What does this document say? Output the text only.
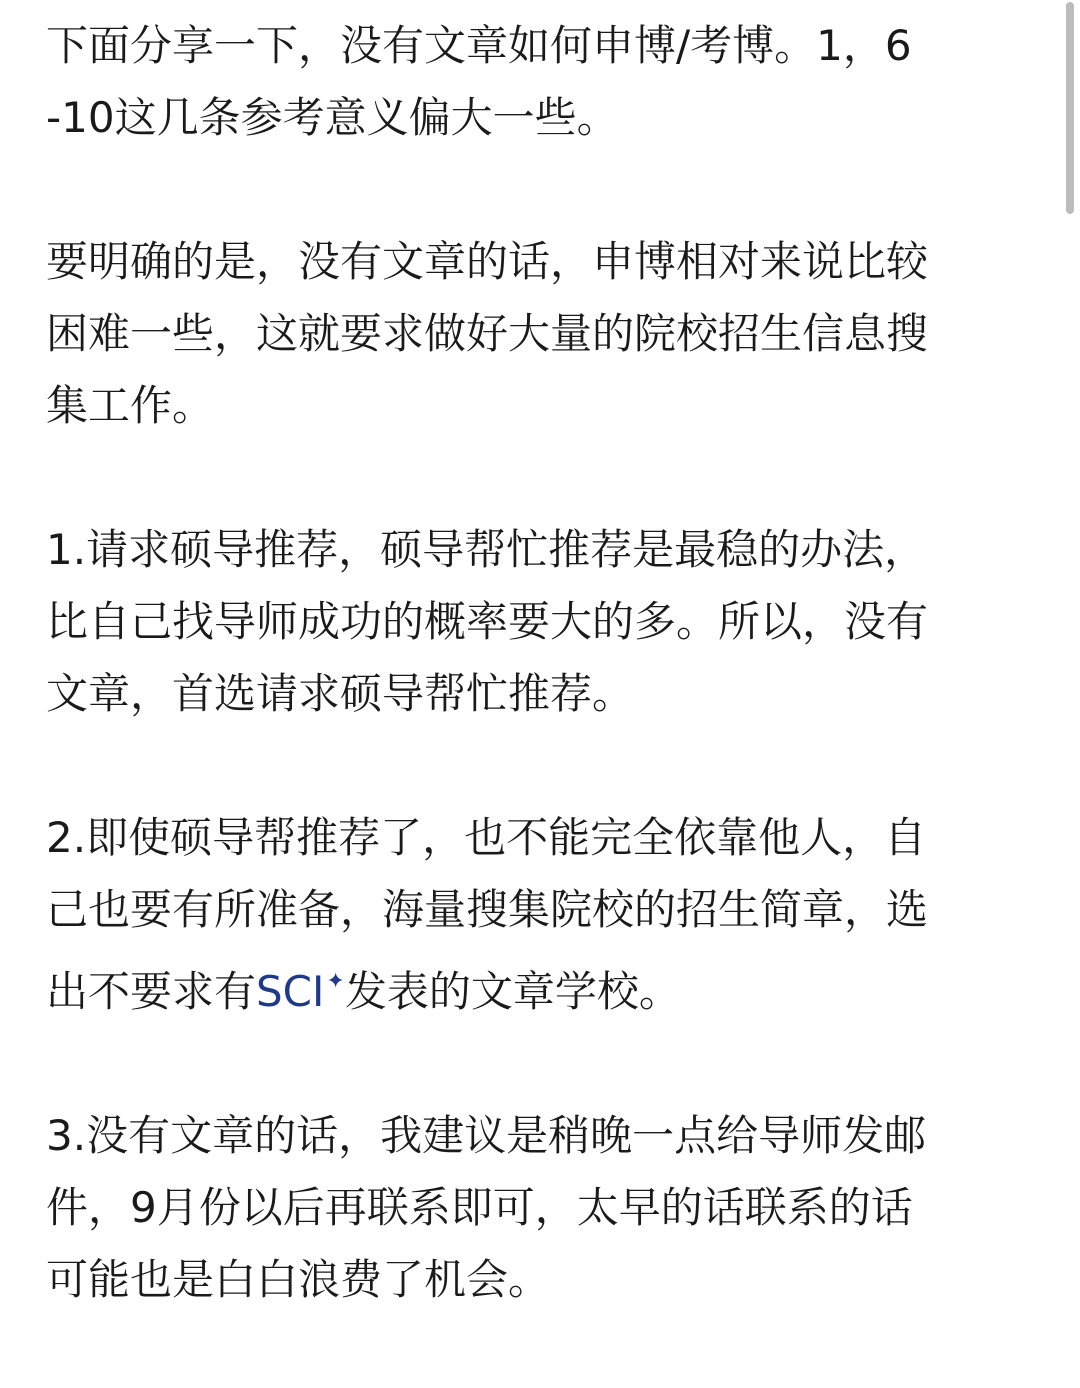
下面分享一下，没有文章如何申博/考博。1，6
-10这几条参考意义偏大一些。

要明确的是，没有文章的话，申博相对来说比较
困难一些，这就要求做好大量的院校招生信息搜
集工作。

1.请求硕导推荐，硕导帮忙推荐是最稳的办法，
比自己找导师成功的概率要大的多。所以，没有
文章，首选请求硕导帮忙推荐。

2.即使硕导帮推荐了，也不能完全依靠他人，自
己也要有所准备，海量搜集院校的招生简章，选
出不要求有SCI✦发表的文章学校。

3.没有文章的话，我建议是稍晚一点给导师发邮
件，9月份以后再联系即可，太早的话联系的话
可能也是白白浪费了机会。
